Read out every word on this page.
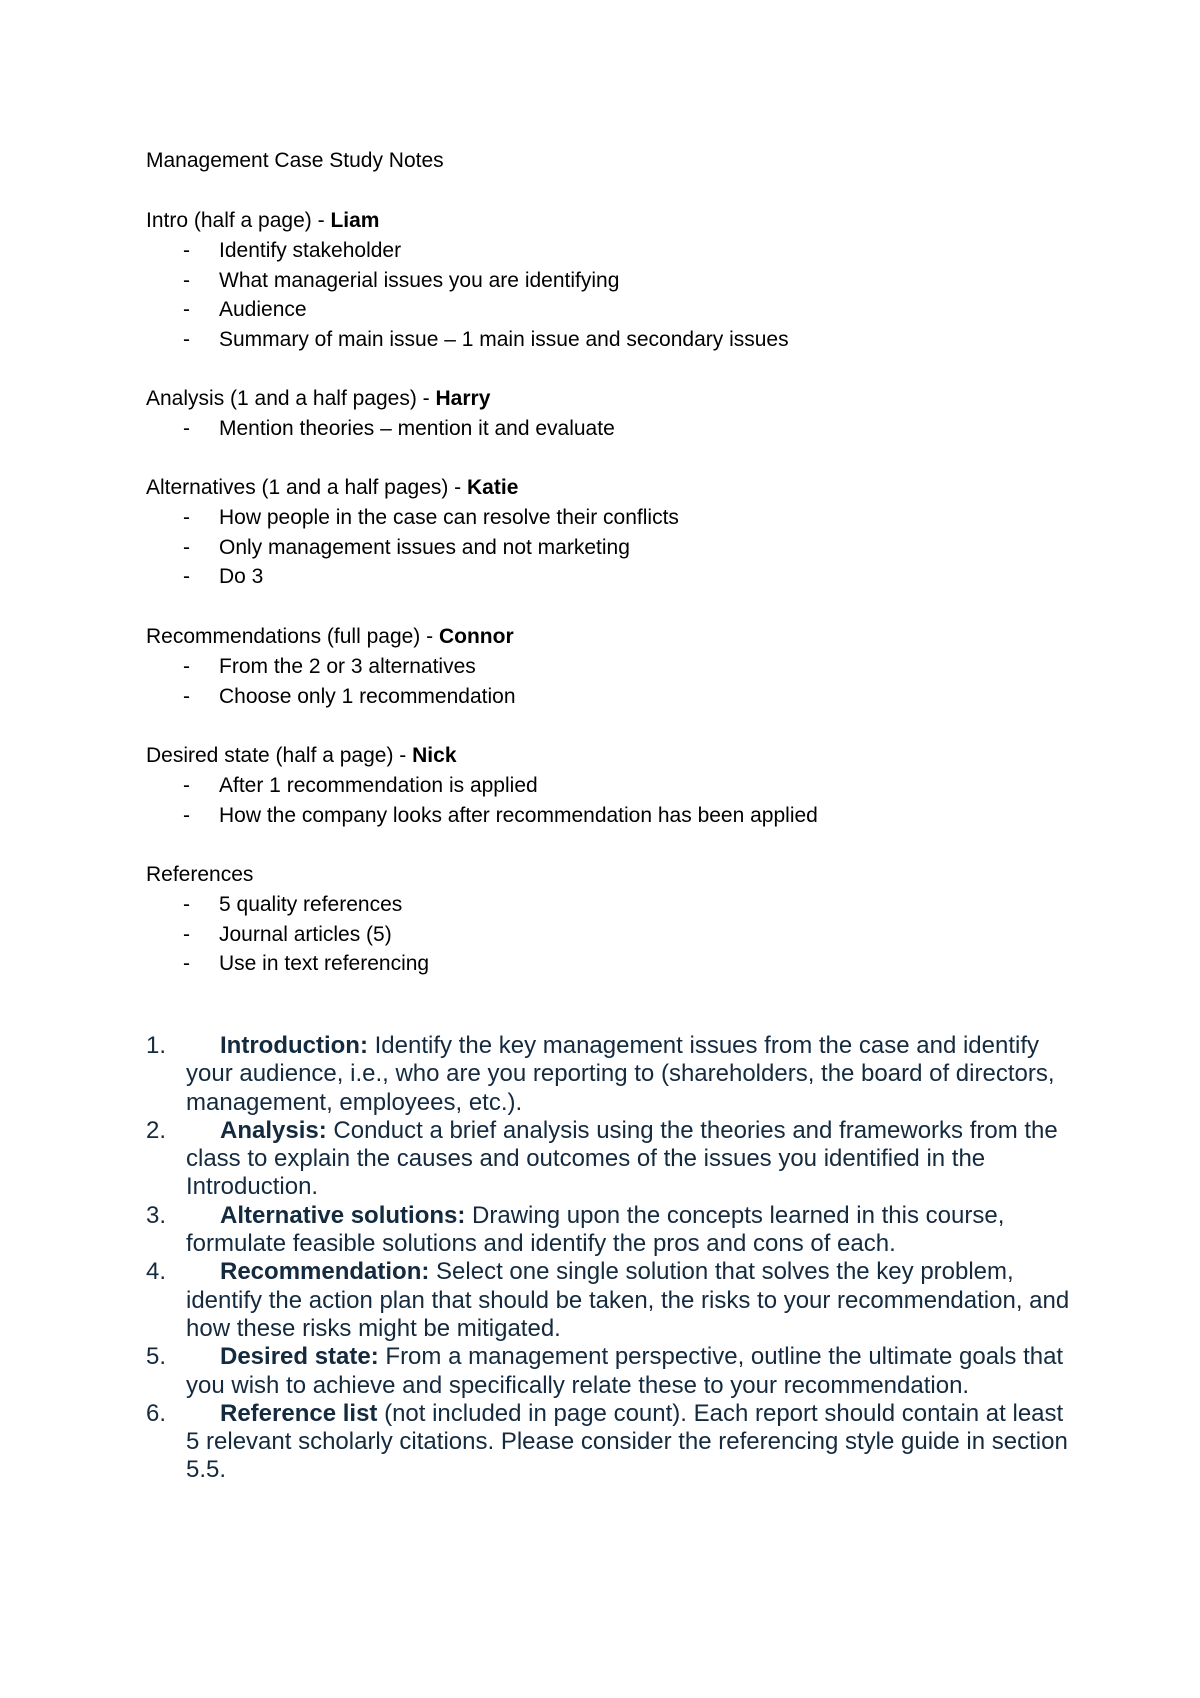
Management Case Study Notes
Intro (half a page) - Liam
- Identify stakeholder
- What managerial issues you are identifying
- Audience
- Summary of main issue – 1 main issue and secondary issues
Analysis (1 and a half pages) - Harry
- Mention theories – mention it and evaluate
Alternatives (1 and a half pages) - Katie
- How people in the case can resolve their conflicts
- Only management issues and not marketing
- Do 3
Recommendations (full page) - Connor
- From the 2 or 3 alternatives
- Choose only 1 recommendation
Desired state (half a page) - Nick
- After 1 recommendation is applied
- How the company looks after recommendation has been applied
References
- 5 quality references
- Journal articles (5)
- Use in text referencing
1.	Introduction: Identify the key management issues from the case and identify your audience, i.e., who are you reporting to (shareholders, the board of directors, management, employees, etc.).
2.	Analysis: Conduct a brief analysis using the theories and frameworks from the class to explain the causes and outcomes of the issues you identified in the Introduction.
3.	Alternative solutions: Drawing upon the concepts learned in this course, formulate feasible solutions and identify the pros and cons of each.
4.	Recommendation: Select one single solution that solves the key problem, identify the action plan that should be taken, the risks to your recommendation, and how these risks might be mitigated.
5.	Desired state: From a management perspective, outline the ultimate goals that you wish to achieve and specifically relate these to your recommendation.
6.	Reference list (not included in page count). Each report should contain at least 5 relevant scholarly citations. Please consider the referencing style guide in section 5.5.
